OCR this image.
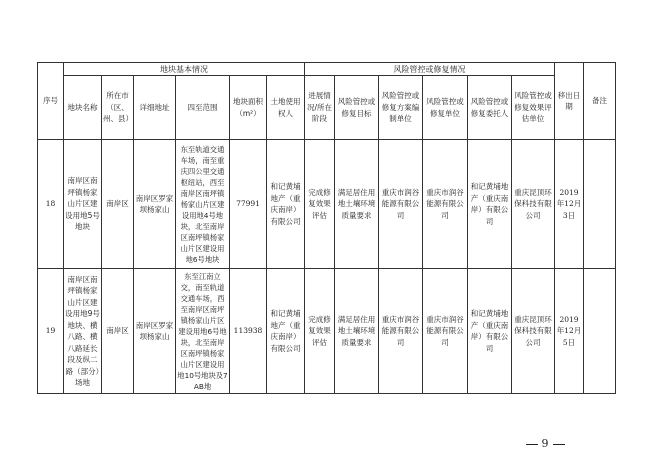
序号	地块基本情况						风险管控或修复情况						移出日期	备注
	地块名称	所在市（区、州、县）	详细地址	四至范围	地块面积（m²）	土地使用权人	进展情况/所在阶段	风险管控或修复目标	风险管控或修复方案编制单位	风险管控或修复单位	风险管控或修复委托人	风险管控或修复效果评估单位		
18	南岸区南坪镇杨家山片区建设用地5号地块	南岸区	南岸区罗家坝杨家山	东至轨道交通车场，南至重庆四公里交通枢纽站，西至南岸区南坪镇杨家山片区建设用地4号地块，北至南岸区南坪镇杨家山片区建设用地6号地块	77991	和记黄埔地产（重庆南岸）有限公司	完成修复效果评估	满足居住用地土壤环境质量要求	重庆市润谷能源有限公司	重庆市润谷能源有限公司	和记黄埔地产（重庆南岸）有限公司	重庆昆顶环保科技有限公司	2019年12月3日	
19	南岸区南坪镇杨家山片区建设用地9号地块、横八路、横八路延长段及纵二路（部分）场地	南岸区	南岸区罗家坝杨家山	东至江南立交，南至轨道交通车场，西至南岸区南坪镇杨家山片区建设用地6号地块，北至南岸区南坪镇杨家山片区建设用地10号地块及7AB地	113938	和记黄埔地产（重庆南岸）有限公司	完成修复效果评估	满足居住用地土壤环境质量要求	重庆市润谷能源有限公司	重庆市润谷能源有限公司	和记黄埔地产（重庆南岸）有限公司	重庆昆顶环保科技有限公司	2019年12月5日	
9
